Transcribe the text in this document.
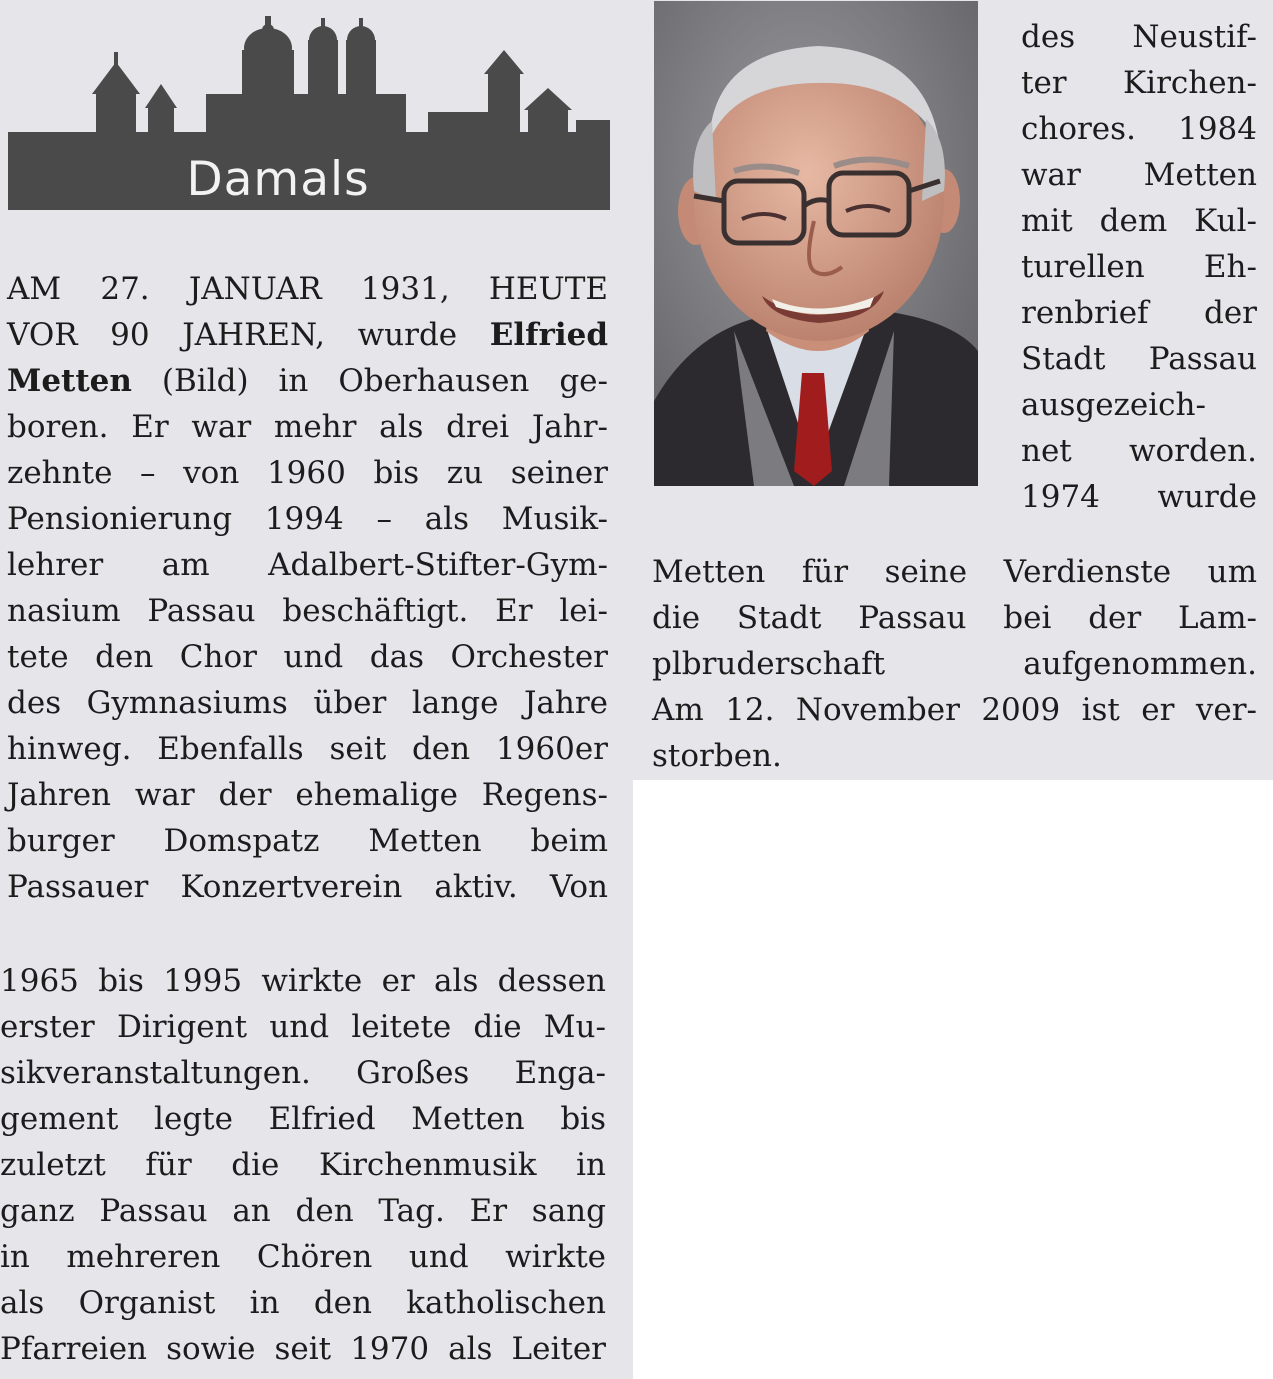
Damals
AM 27. JANUAR 1931, HEUTE
VOR 90 JAHREN, wurde Elfried
Metten (Bild) in Oberhausen ge-
boren. Er war mehr als drei Jahr-
zehnte – von 1960 bis zu seiner
Pensionierung 1994 – als Musik-
lehrer am Adalbert-Stifter-Gym-
nasium Passau beschäftigt. Er lei-
tete den Chor und das Orchester
des Gymnasiums über lange Jahre
hinweg. Ebenfalls seit den 1960er
Jahren war der ehemalige Regens-
burger Domspatz Metten beim
Passauer Konzertverein aktiv. Von
1965 bis 1995 wirkte er als dessen
erster Dirigent und leitete die Mu-
sikveranstaltungen. Großes Enga-
gement legte Elfried Metten bis
zuletzt für die Kirchenmusik in
ganz Passau an den Tag. Er sang
in mehreren Chören und wirkte
als Organist in den katholischen
Pfarreien sowie seit 1970 als Leiter
des Neustif-
ter Kirchen-
chores. 1984
war Metten
mit dem Kul-
turellen Eh-
renbrief der
Stadt Passau
ausgezeich-
net worden.
1974 wurde
Metten für seine Verdienste um
die Stadt Passau bei der Lam-
plbruderschaft aufgenommen.
Am 12. November 2009 ist er ver-
storben.
